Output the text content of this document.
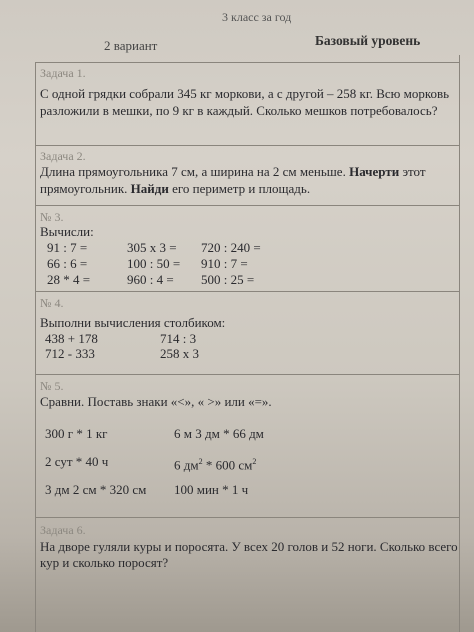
3 класс за год
2 вариант	Базовый уровень
Задача 1.
С одной грядки собрали 345 кг моркови, а с другой – 258 кг. Всю морковь
разложили в мешки, по 9 кг в каждый. Сколько мешков потребовалось?
Задача 2.
Длина прямоугольника 7 см, а ширина на 2 см меньше. Начерти этот
прямоугольник. Найди его периметр и площадь.
№ 3.
Вычисли:
91 : 7 =
66 : 6 =
28 * 4 =
305 х 3 =
100 : 50 =
960 : 4 =
720 : 240 =
910 : 7 =
500 : 25 =
№ 4.
Выполни вычисления столбиком:
438 + 178
712 - 333
714 : 3
258 х 3
№ 5.
Сравни. Поставь знаки «<», « >» или «=».
300 г * 1 кг
2 сут * 40 ч
3 дм 2 см * 320 см
6 м 3 дм * 66 дм
6 $дм^2 * 600$ $см^2$
100 мин * 1 ч
Задача 6.
На дворе гуляли куры и поросята. У всех 20 голов и 52 ноги. Сколько всего
кур и сколько поросят?
